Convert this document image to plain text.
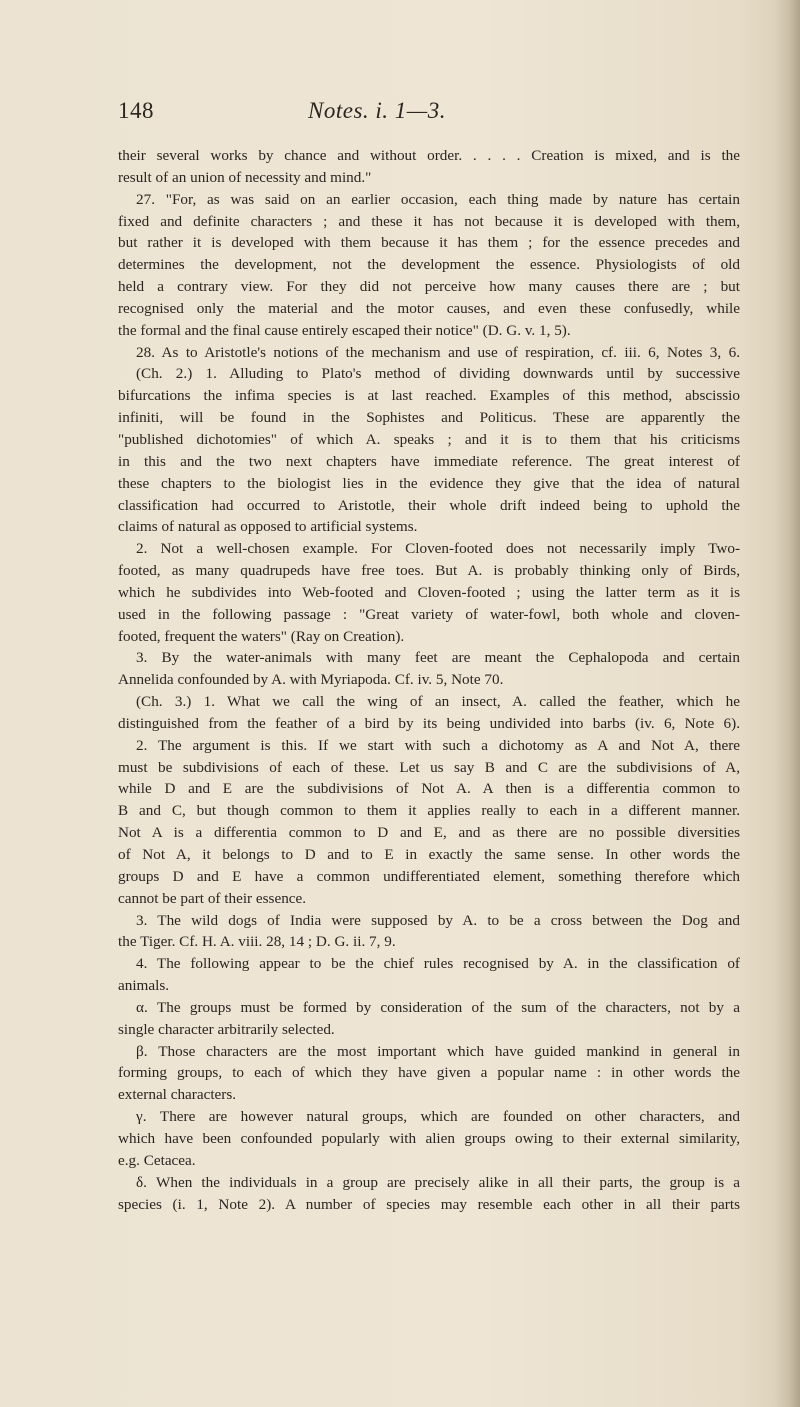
148	Notes. i. 1—3.
their several works by chance and without order. . . . . Creation is mixed, and is the
result of an union of necessity and mind."
27. "For, as was said on an earlier occasion, each thing made by nature has certain
fixed and definite characters ; and these it has not because it is developed with them,
but rather it is developed with them because it has them ; for the essence precedes and
determines the development, not the development the essence. Physiologists of old
held a contrary view. For they did not perceive how many causes there are ; but
recognised only the material and the motor causes, and even these confusedly, while
the formal and the final cause entirely escaped their notice" (D. G. v. 1, 5).
28. As to Aristotle's notions of the mechanism and use of respiration, cf. iii. 6, Notes 3, 6.
(Ch. 2.) 1. Alluding to Plato's method of dividing downwards until by successive
bifurcations the infima species is at last reached. Examples of this method, abscissio
infiniti, will be found in the Sophistes and Politicus. These are apparently the
"published dichotomies" of which A. speaks ; and it is to them that his criticisms
in this and the two next chapters have immediate reference. The great interest of
these chapters to the biologist lies in the evidence they give that the idea of natural
classification had occurred to Aristotle, their whole drift indeed being to uphold the
claims of natural as opposed to artificial systems.
2. Not a well-chosen example. For Cloven-footed does not necessarily imply Two-
footed, as many quadrupeds have free toes. But A. is probably thinking only of Birds,
which he subdivides into Web-footed and Cloven-footed ; using the latter term as it is
used in the following passage : "Great variety of water-fowl, both whole and cloven-
footed, frequent the waters" (Ray on Creation).
3. By the water-animals with many feet are meant the Cephalopoda and certain
Annelida confounded by A. with Myriapoda. Cf. iv. 5, Note 70.
(Ch. 3.) 1. What we call the wing of an insect, A. called the feather, which he
distinguished from the feather of a bird by its being undivided into barbs (iv. 6, Note 6).
2. The argument is this. If we start with such a dichotomy as A and Not A, there
must be subdivisions of each of these. Let us say B and C are the subdivisions of A,
while D and E are the subdivisions of Not A. A then is a differentia common to
B and C, but though common to them it applies really to each in a different manner.
Not A is a differentia common to D and E, and as there are no possible diversities
of Not A, it belongs to D and to E in exactly the same sense. In other words the
groups D and E have a common undifferentiated element, something therefore which
cannot be part of their essence.
3. The wild dogs of India were supposed by A. to be a cross between the Dog and
the Tiger. Cf. H. A. viii. 28, 14 ; D. G. ii. 7, 9.
4. The following appear to be the chief rules recognised by A. in the classification of
animals.
α. The groups must be formed by consideration of the sum of the characters, not by a
single character arbitrarily selected.
β. Those characters are the most important which have guided mankind in general in
forming groups, to each of which they have given a popular name : in other words the
external characters.
γ. There are however natural groups, which are founded on other characters, and
which have been confounded popularly with alien groups owing to their external similarity,
e.g. Cetacea.
δ. When the individuals in a group are precisely alike in all their parts, the group is a
species (i. 1, Note 2). A number of species may resemble each other in all their parts
